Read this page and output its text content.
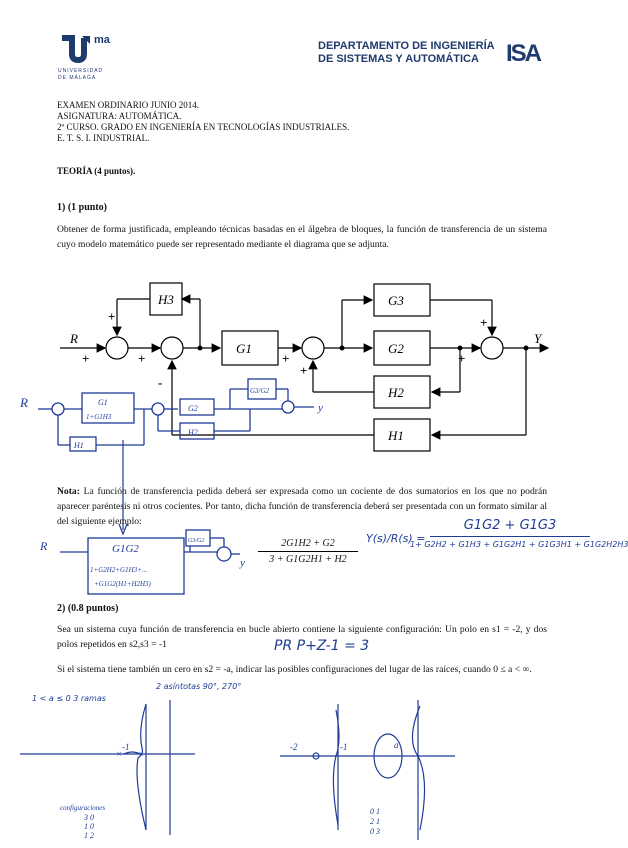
ma
UNIVERSIDAD
DE MÁLAGA
DEPARTAMENTO DE INGENIERÍA
DE SISTEMAS Y AUTOMÁTICA	ISA
EXAMEN ORDINARIO JUNIO 2014.
ASIGNATURA: AUTOMÁTICA.
2º CURSO. GRADO EN INGENIERÍA EN TECNOLOGÍAS INDUSTRIALES.
E. T. S. I. INDUSTRIAL.
TEORÍA (4 puntos).
1) (1 punto)
Obtener de forma justificada, empleando técnicas basadas en el álgebra de bloques, la función de transferencia de un sistema cuyo modelo matemático puede ser representado mediante el diagrama que se adjunta.
R	Y
H3
G1
G3
G2
H2
H1
+
+
+
-
+
+
+
+
R	y
G1
1+G1H3
G2
H2
H1
G3/G2
Nota: La función de transferencia pedida deberá ser expresada como un cociente de dos sumatorios en los que no podrán aparecer paréntesis ni otros cocientes. Por tanto, dicha función de transferencia deberá ser presentada con un formato similar al del siguiente ejemplo:
$\frac{2G1H2 + G2}{3 + G1G2H1 + H2} Y(s)/R(s)$ =
G1G2 + G1G3
1+ G2H2 + G1H3 + G1G2H1 + G1G3H1 + G1G2H2H3
R
y
G1G2
1+G2H2+G1H3+...
+G1G2(H1+H2H3)
G3/G2
2) (0.8 puntos)
Sea un sistema cuya función de transferencia en bucle abierto contiene la siguiente configuración: Un polo en s1 = -2, y dos polos repetidos en s2,s3 = -1	PR P+Z-1 = 3
Si el sistema tiene también un cero en s2 = -a, indicar las posibles configuraciones del lugar de las raíces, cuando 0 ≤ a < ∞.
2 asíntotas 90°, 270°
1 < a ≤ 0 3 ramas
-1
× ×
configuraciones
3 0
1 0
1 2
-2	-1	a
0 1
2 1
0 3
